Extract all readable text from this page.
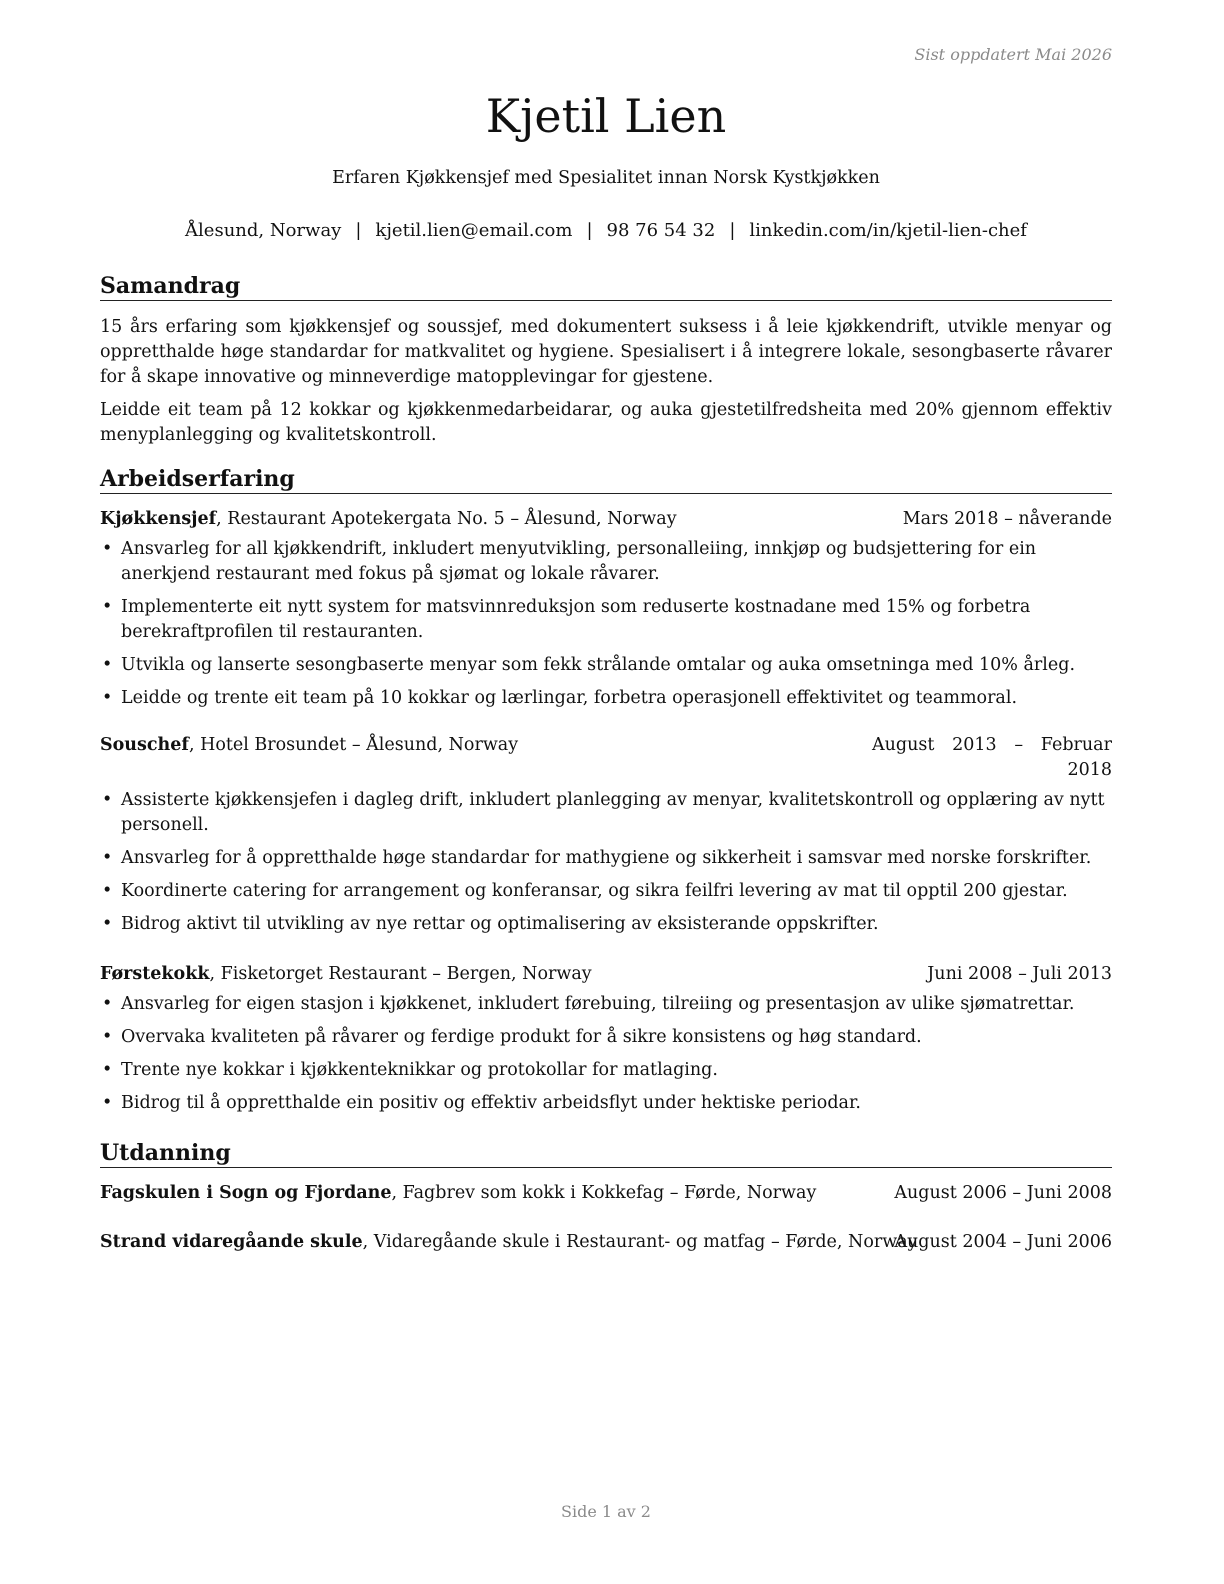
Sist oppdatert Mai 2026
Kjetil Lien
Erfaren Kjøkkensjef med Spesialitet innan Norsk Kystkjøkken
Ålesund, Norway | kjetil.lien@email.com | 98 76 54 32 | linkedin.com/in/kjetil-lien-chef
Samandrag
15 års erfaring som kjøkkensjef og soussjef, med dokumentert suksess i å leie kjøkkendrift, utvikle menyar og oppretthalde høge standardar for matkvalitet og hygiene. Spesialisert i å integrere lokale, sesongbaserte råvarer for å skape innovative og minneverdige matopplevingar for gjestene.
Leidde eit team på 12 kokkar og kjøkkenmedarbeidarar, og auka gjestetilfredsheita med 20% gjennom effektiv menyplanlegging og kvalitetskontroll.
Arbeidserfaring
Kjøkkensjef, Restaurant Apotekergata No. 5 – Ålesund, Norway	Mars 2018 – nåverande
• Ansvarleg for all kjøkkendrift, inkludert menyutvikling, personalleiing, innkjøp og budsjettering for ein anerkjend restaurant med fokus på sjømat og lokale råvarer.
• Implementerte eit nytt system for matsvinnreduksjon som reduserte kostnadane med 15% og forbetra berekraftprofilen til restauranten.
• Utvikla og lanserte sesongbaserte menyar som fekk strålande omtalar og auka omsetninga med 10% årleg.
• Leidde og trente eit team på 10 kokkar og lærlingar, forbetra operasjonell effektivitet og teammoral.
Souschef, Hotel Brosundet – Ålesund, Norway	August 2013 – Februar 2018
• Assisterte kjøkkensjefen i dagleg drift, inkludert planlegging av menyar, kvalitetskontroll og opplæring av nytt personell.
• Ansvarleg for å oppretthalde høge standardar for mathygiene og sikkerheit i samsvar med norske forskrifter.
• Koordinerte catering for arrangement og konferansar, og sikra feilfri levering av mat til opptil 200 gjestar.
• Bidrog aktivt til utvikling av nye rettar og optimalisering av eksisterande oppskrifter.
Førstekokk, Fisketorget Restaurant – Bergen, Norway	Juni 2008 – Juli 2013
• Ansvarleg for eigen stasjon i kjøkkenet, inkludert førebuing, tilreiing og presentasjon av ulike sjømatrettar.
• Overvaka kvaliteten på råvarer og ferdige produkt for å sikre konsistens og høg standard.
• Trente nye kokkar i kjøkkenteknikkar og protokollar for matlaging.
• Bidrog til å oppretthalde ein positiv og effektiv arbeidsflyt under hektiske periodar.
Utdanning
Fagskulen i Sogn og Fjordane, Fagbrev som kokk i Kokkefag – Førde, Norway	August 2006 – Juni 2008
Strand vidaregåande skule, Vidaregåande skule i Restaurant- og matfag – Førde, Norway
August 2004 – Juni 2006
Side 1 av 2
